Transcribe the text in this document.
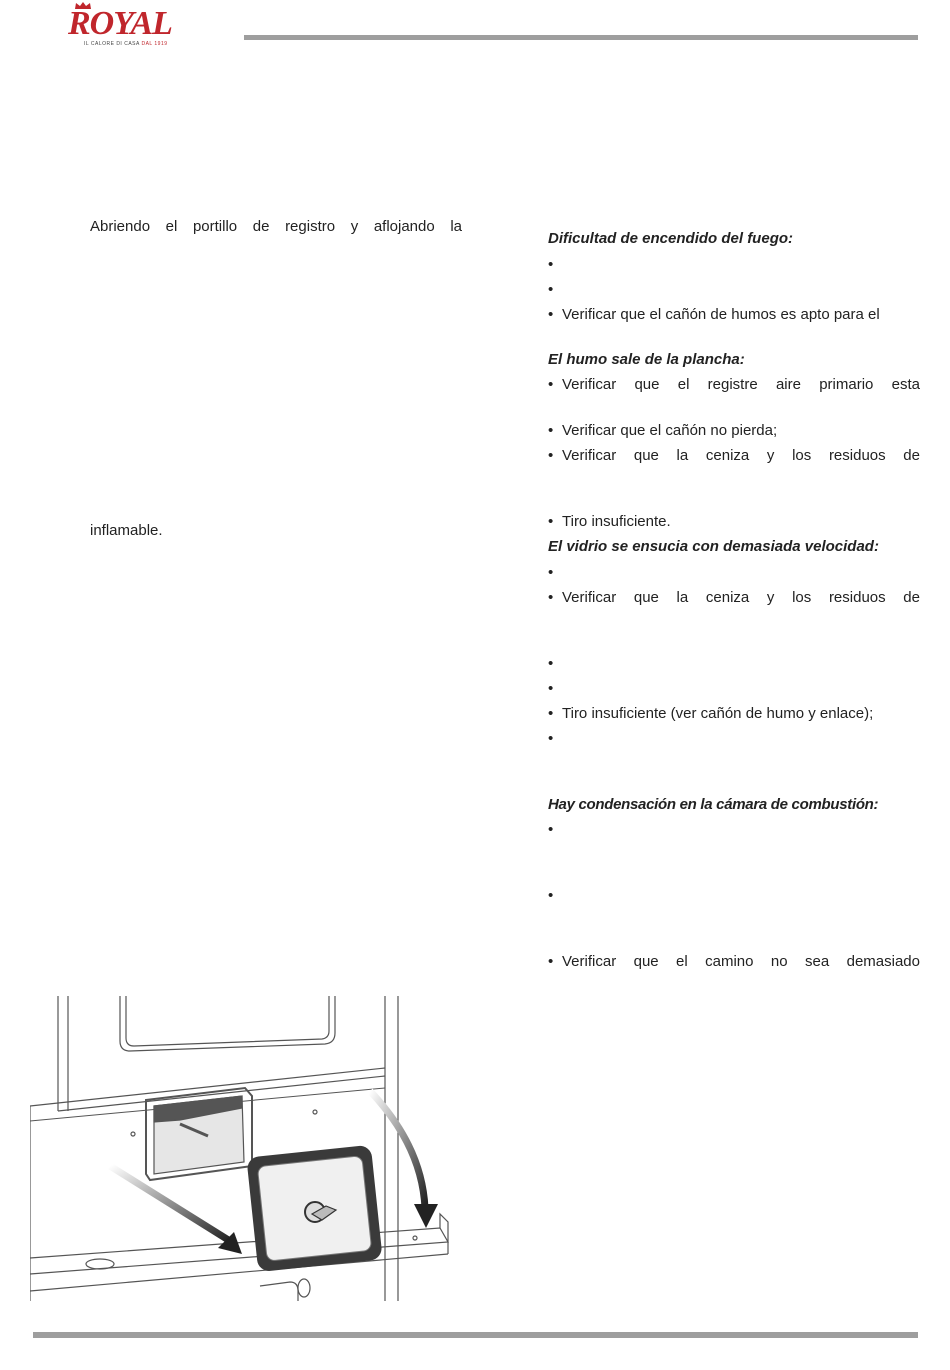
ROYAL
IL CALORE DI CASA DAL 1919
Abriendo el portillo de registro y aflojando la
inflamable.
Dificultad de encendido del fuego:
•
•
• Verificar que el cañón de humos es apto para el
El humo sale de la plancha:
• Verificar que el registre aire primario esta
• Verificar que el cañón no pierda;
• Verificar que la ceniza y los residuos de
• Tiro insuficiente.
El vidrio se ensucia con demasiada velocidad:
•
• Verificar que la ceniza y los residuos de
•
•
• Tiro insuficiente (ver cañón de humo y enlace);
•
Hay condensación en la cámara de combustión:
•
•
• Verificar que el camino no sea demasiado
